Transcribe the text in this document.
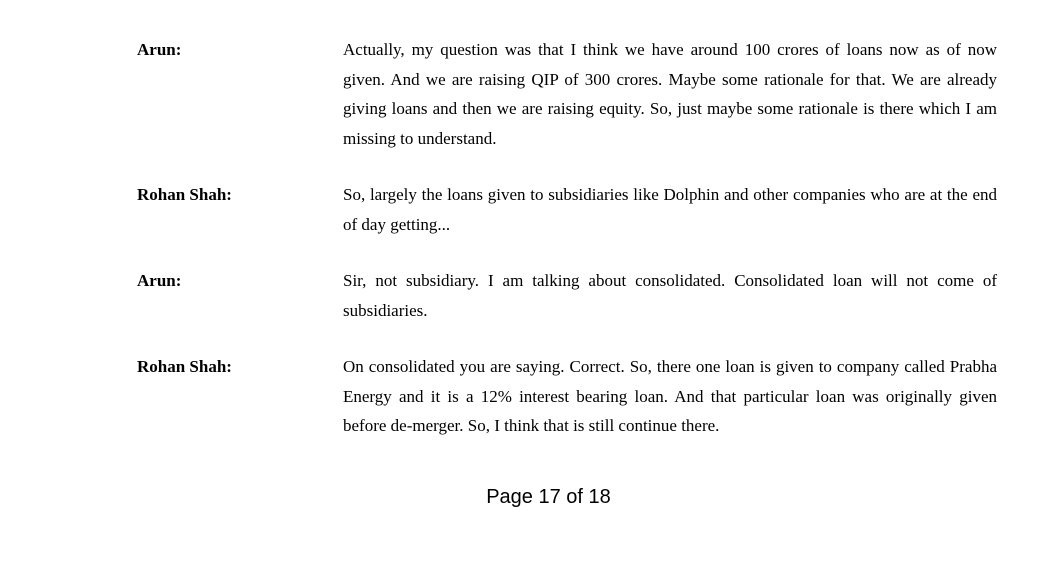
Arun:	Actually, my question was that I think we have around 100 crores of loans now as of now given. And we are raising QIP of 300 crores. Maybe some rationale for that. We are already giving loans and then we are raising equity. So, just maybe some rationale is there which I am missing to understand.
Rohan Shah:	So, largely the loans given to subsidiaries like Dolphin and other companies who are at the end of day getting...
Arun:	Sir, not subsidiary. I am talking about consolidated. Consolidated loan will not come of subsidiaries.
Rohan Shah:	On consolidated you are saying. Correct. So, there one loan is given to company called Prabha Energy and it is a 12% interest bearing loan. And that particular loan was originally given before de-merger. So, I think that is still continue there.
Page 17 of 18
